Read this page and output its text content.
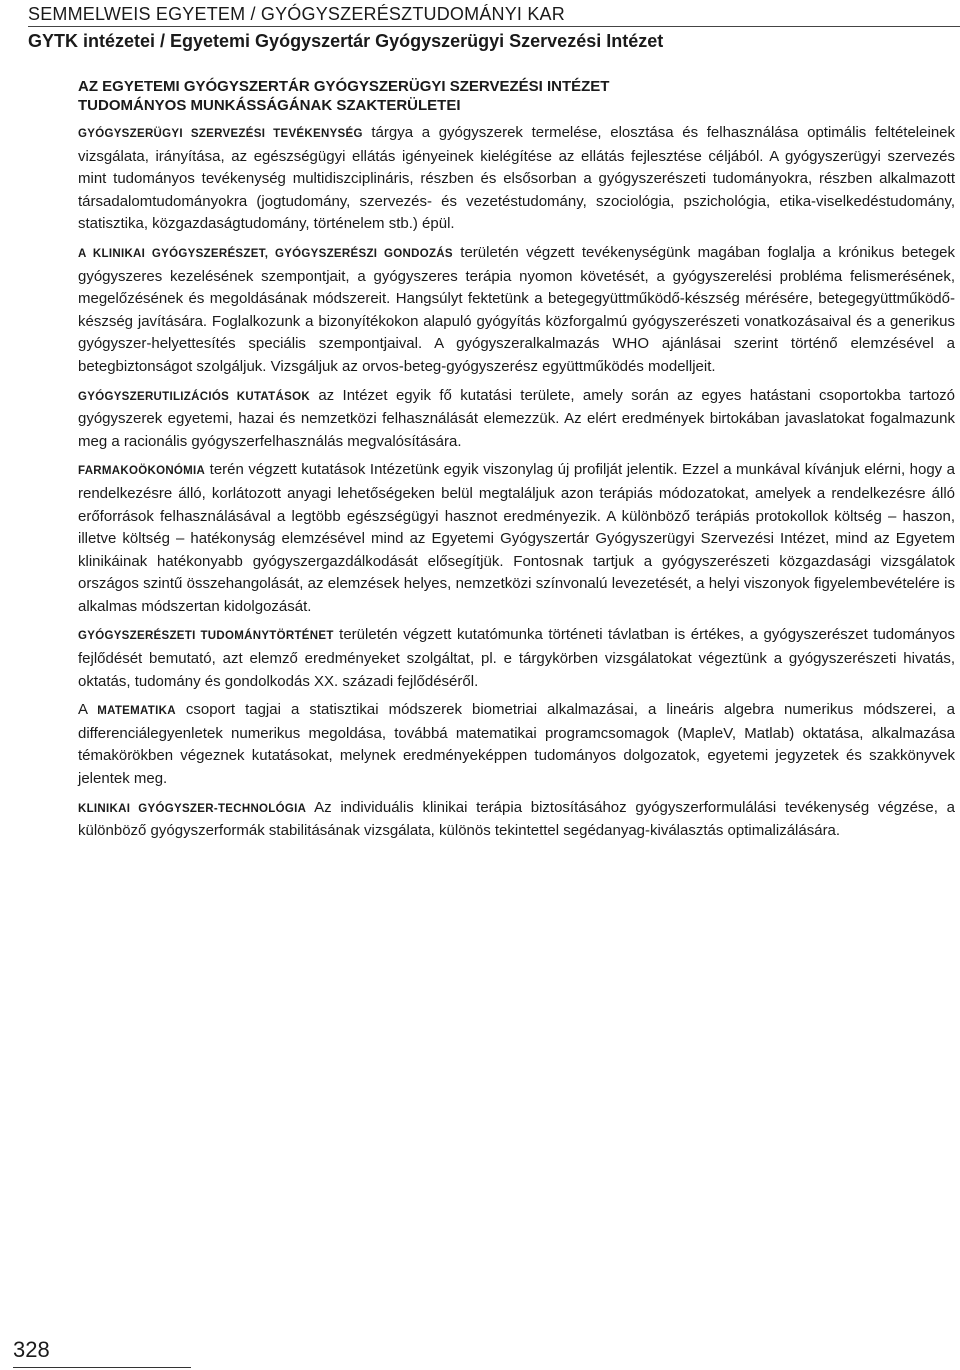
SEMMELWEIS EGYETEM / GYÓGYSZERÉSZTUDOMÁNYI KAR
GYTK intézetei / Egyetemi Gyógyszertár Gyógyszerügyi Szervezési Intézet
AZ EGYETEMI GYÓGYSZERTÁR GYÓGYSZERÜGYI SZERVEZÉSI INTÉZET
TUDOMÁNYOS MUNKÁSSÁGÁNAK SZAKTERÜLETEI

GYÓGYSZERÜGYI SZERVEZÉSI TEVÉKENYSÉG tárgya a gyógyszerek termelése, elosztása és felhasználása optimális feltételeinek vizsgálata, irányítása, az egészségügyi ellátás igényeinek kielégítése az ellátás fejlesztése céljából. A gyógyszerügyi szervezés mint tudományos tevékenység multidiszciplináris, részben és elsősorban a gyógyszerészeti tudományokra, részben alkalmazott társadalomtudományokra (jogtudomány, szervezés- és vezetéstudomány, szociológia, pszichológia, etika-viselkedéstudomány, statisztika, közgazdaságtudomány, történelem stb.) épül.

A KLINIKAI GYÓGYSZERÉSZET, GYÓGYSZERÉSZI GONDOZÁS területén végzett tevékenységünk magában foglalja a krónikus betegek gyógyszeres kezelésének szempontjait, a gyógyszeres terápia nyomon követését, a gyógyszerelési probléma felismerésének, megelőzésének és megoldásának módszereit. Hangsúlyt fektetünk a betegegyüttműködő-készség mérésére, betegegyüttműködő-készség javítására. Foglalkozunk a bizonyítékokon alapuló gyógyítás közforgalmú gyógyszerészeti vonatkozásaival és a generikus gyógyszer-helyettesítés speciális szempontjaival. A gyógyszeralkalmazás WHO ajánlásai szerint történő elemzésével a betegbiztonságot szolgáljuk. Vizsgáljuk az orvos-beteg-gyógyszerész együttműködés modelljeit.

GYÓGYSZERUTILIZÁCIÓS KUTATÁSOK az Intézet egyik fő kutatási területe, amely során az egyes hatástani csoportokba tartozó gyógyszerek egyetemi, hazai és nemzetközi felhasználását elemezzük. Az elért eredmények birtokában javaslatokat fogalmazunk meg a racionális gyógyszerfelhasználás megvalósítására.

FARMAKOÖKONÓMIA terén végzett kutatások Intézetünk egyik viszonylag új profilját jelentik. Ezzel a munkával kívánjuk elérni, hogy a rendelkezésre álló, korlátozott anyagi lehetőségeken belül megtaláljuk azon terápiás módozatokat, amelyek a rendelkezésre álló erőforrások felhasználásával a legtöbb egészségügyi hasznot eredményezik. A különböző terápiás protokollok költség – haszon, illetve költség – hatékonyság elemzésével mind az Egyetemi Gyógyszertár Gyógyszerügyi Szervezési Intézet, mind az Egyetem klinikáinak hatékonyabb gyógyszergazdálkodását elősegítjük. Fontosnak tartjuk a gyógyszerészeti közgazdasági vizsgálatok országos szintű összehangolását, az elemzések helyes, nemzetközi színvonalú levezetését, a helyi viszonyok figyelembevételére is alkalmas módszertan kidolgozását.

GYÓGYSZERÉSZETI TUDOMÁNYTÖRTÉNET területén végzett kutatómunka történeti távlatban is értékes, a gyógyszerészet tudományos fejlődését bemutató, azt elemző eredményeket szolgáltat, pl. e tárgykörben vizsgálatokat végeztünk a gyógyszerészeti hivatás, oktatás, tudomány és gondolkodás XX. századi fejlődéséről.

A MATEMATIKA csoport tagjai a statisztikai módszerek biometriai alkalmazásai, a lineáris algebra numerikus módszerei, a differenciálegyenletek numerikus megoldása, továbbá matematikai programcsomagok (MapleV, Matlab) oktatása, alkalmazása témakörökben végeznek kutatásokat, melynek eredményeképpen tudományos dolgozatok, egyetemi jegyzetek és szakkönyvek jelentek meg.

KLINIKAI GYÓGYSZER-TECHNOLÓGIA Az individuális klinikai terápia biztosításához gyógyszerformulálási tevékenység végzése, a különböző gyógyszerformák stabilitásának vizsgálata, különös tekintettel segédanyag-kiválasztás optimalizálására.

328
